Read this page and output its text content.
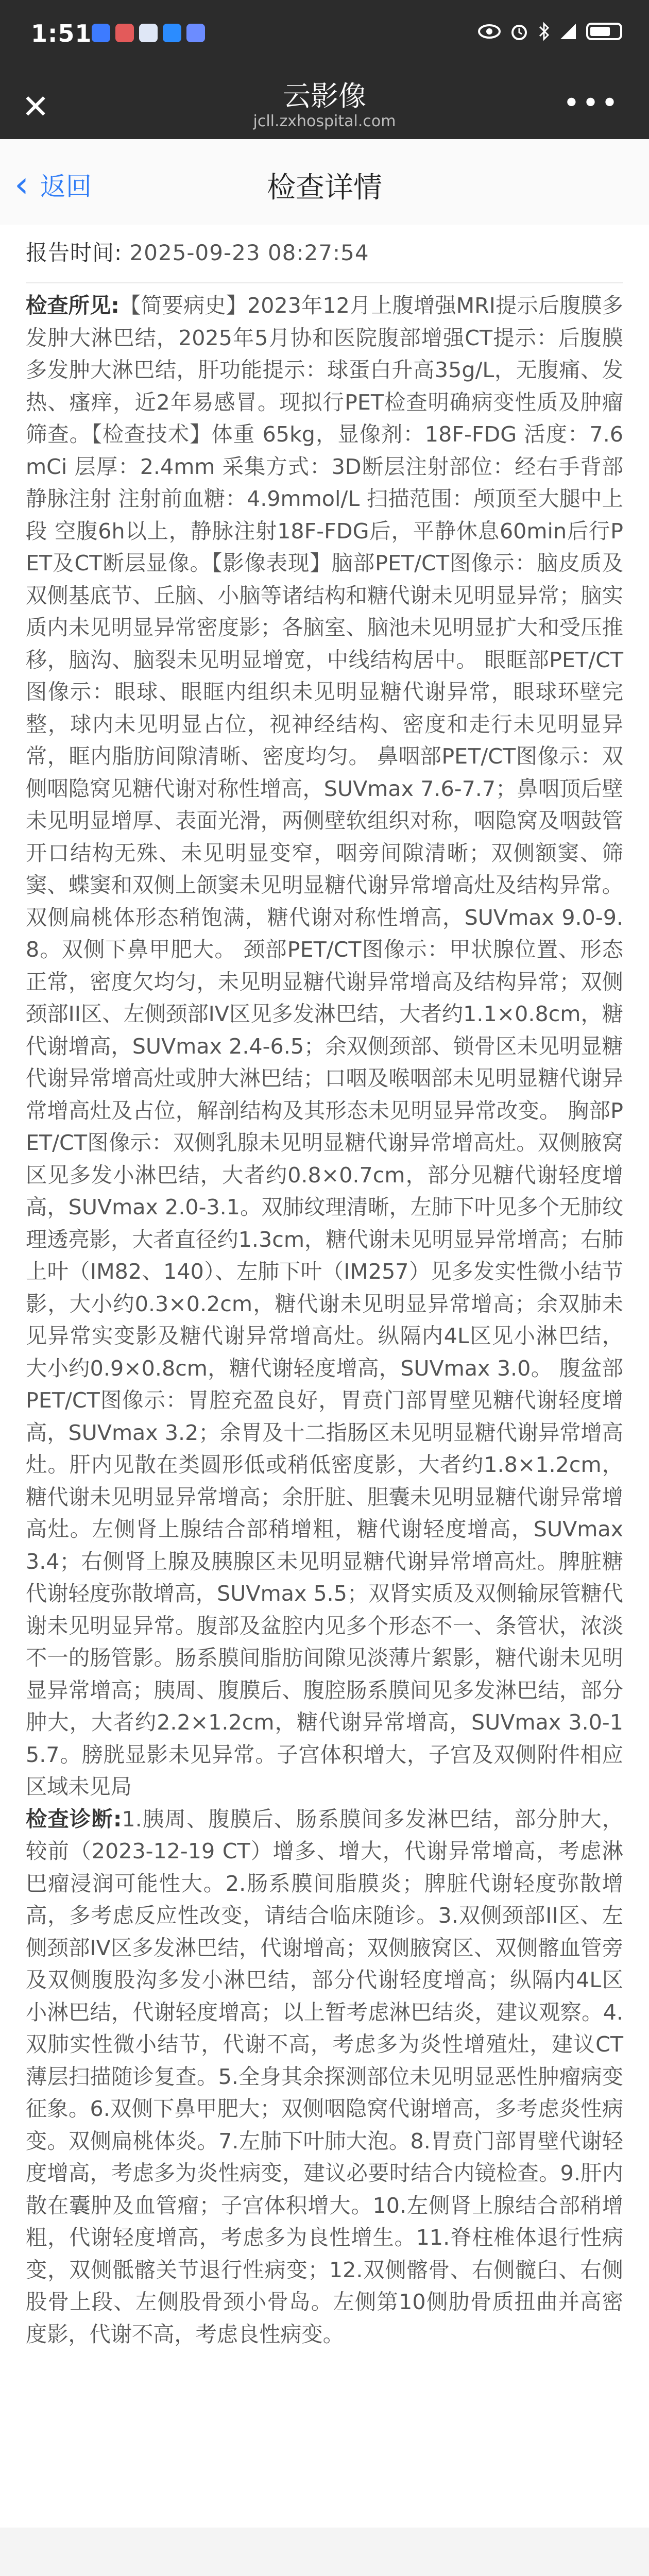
1:51
✕	云影像
jcll.zxhospital.com
•••
‹ 返回	检查详情
报告时间: 2025-09-23 08:27:54
检查所见:【简要病史】2023年12月上腹增强MRI提示后腹膜多发肿大淋巴结，2025年5月协和医院腹部增强CT提示：后腹膜多发肿大淋巴结，肝功能提示：球蛋白升高35g/L，无腹痛、发热、瘙痒，近2年易感冒。现拟行PET检查明确病变性质及肿瘤筛查。【检查技术】体重 65kg，显像剂：18F-FDG 活度：7.6mCi 层厚：2.4mm 采集方式：3D断层注射部位：经右手背部静脉注射 注射前血糖：4.9mmol/L 扫描范围：颅顶至大腿中上段 空腹6h以上，静脉注射18F-FDG后，平静休息60min后行PET及CT断层显像。【影像表现】脑部PET/CT图像示：脑皮质及双侧基底节、丘脑、小脑等诸结构和糖代谢未见明显异常；脑实质内未见明显异常密度影；各脑室、脑池未见明显扩大和受压推移，脑沟、脑裂未见明显增宽，中线结构居中。 眼眶部PET/CT图像示：眼球、眼眶内组织未见明显糖代谢异常，眼球环壁完整，球内未见明显占位，视神经结构、密度和走行未见明显异常，眶内脂肪间隙清晰、密度均匀。 鼻咽部PET/CT图像示：双侧咽隐窝见糖代谢对称性增高，SUVmax 7.6-7.7；鼻咽顶后壁未见明显增厚、表面光滑，两侧壁软组织对称，咽隐窝及咽鼓管开口结构无殊、未见明显变窄，咽旁间隙清晰；双侧额窦、筛窦、蝶窦和双侧上颌窦未见明显糖代谢异常增高灶及结构异常。双侧扁桃体形态稍饱满，糖代谢对称性增高，SUVmax 9.0-9.8。双侧下鼻甲肥大。 颈部PET/CT图像示：甲状腺位置、形态正常，密度欠均匀，未见明显糖代谢异常增高及结构异常；双侧颈部II区、左侧颈部IV区见多发淋巴结，大者约1.1×0.8cm，糖代谢增高，SUVmax 2.4-6.5；余双侧颈部、锁骨区未见明显糖代谢异常增高灶或肿大淋巴结；口咽及喉咽部未见明显糖代谢异常增高灶及占位，解剖结构及其形态未见明显异常改变。 胸部PET/CT图像示：双侧乳腺未见明显糖代谢异常增高灶。双侧腋窝区见多发小淋巴结，大者约0.8×0.7cm，部分见糖代谢轻度增高，SUVmax 2.0-3.1。双肺纹理清晰，左肺下叶见多个无肺纹理透亮影，大者直径约1.3cm，糖代谢未见明显异常增高；右肺上叶（IM82、140）、左肺下叶（IM257）见多发实性微小结节影，大小约0.3×0.2cm，糖代谢未见明显异常增高；余双肺未见异常实变影及糖代谢异常增高灶。纵隔内4L区见小淋巴结，大小约0.9×0.8cm，糖代谢轻度增高，SUVmax 3.0。 腹盆部PET/CT图像示：胃腔充盈良好，胃贲门部胃壁见糖代谢轻度增高，SUVmax 3.2；余胃及十二指肠区未见明显糖代谢异常增高灶。肝内见散在类圆形低或稍低密度影，大者约1.8×1.2cm，糖代谢未见明显异常增高；余肝脏、胆囊未见明显糖代谢异常增高灶。左侧肾上腺结合部稍增粗，糖代谢轻度增高，SUVmax 3.4；右侧肾上腺及胰腺区未见明显糖代谢异常增高灶。脾脏糖代谢轻度弥散增高，SUVmax 5.5；双肾实质及双侧输尿管糖代谢未见明显异常。腹部及盆腔内见多个形态不一、条管状，浓淡不一的肠管影。肠系膜间脂肪间隙见淡薄片絮影，糖代谢未见明显异常增高；胰周、腹膜后、腹腔肠系膜间见多发淋巴结，部分肿大，大者约2.2×1.2cm，糖代谢异常增高，SUVmax 3.0-15.7。膀胱显影未见异常。子宫体积增大，子宫及双侧附件相应区域未见局
检查诊断:1.胰周、腹膜后、肠系膜间多发淋巴结，部分肿大，较前（2023-12-19 CT）增多、增大，代谢异常增高，考虑淋巴瘤浸润可能性大。2.肠系膜间脂膜炎；脾脏代谢轻度弥散增高，多考虑反应性改变，请结合临床随诊。3.双侧颈部II区、左侧颈部IV区多发淋巴结，代谢增高；双侧腋窝区、双侧髂血管旁及双侧腹股沟多发小淋巴结，部分代谢轻度增高；纵隔内4L区小淋巴结，代谢轻度增高；以上暂考虑淋巴结炎，建议观察。4.双肺实性微小结节，代谢不高，考虑多为炎性增殖灶，建议CT薄层扫描随诊复查。5.全身其余探测部位未见明显恶性肿瘤病变征象。6.双侧下鼻甲肥大；双侧咽隐窝代谢增高，多考虑炎性病变。双侧扁桃体炎。7.左肺下叶肺大泡。8.胃贲门部胃壁代谢轻度增高，考虑多为炎性病变，建议必要时结合内镜检查。9.肝内散在囊肿及血管瘤；子宫体积增大。10.左侧肾上腺结合部稍增粗，代谢轻度增高，考虑多为良性增生。11.脊柱椎体退行性病变，双侧骶髂关节退行性病变；12.双侧髂骨、右侧髋臼、右侧股骨上段、左侧股骨颈小骨岛。左侧第10侧肋骨质扭曲并高密度影，代谢不高，考虑良性病变。
